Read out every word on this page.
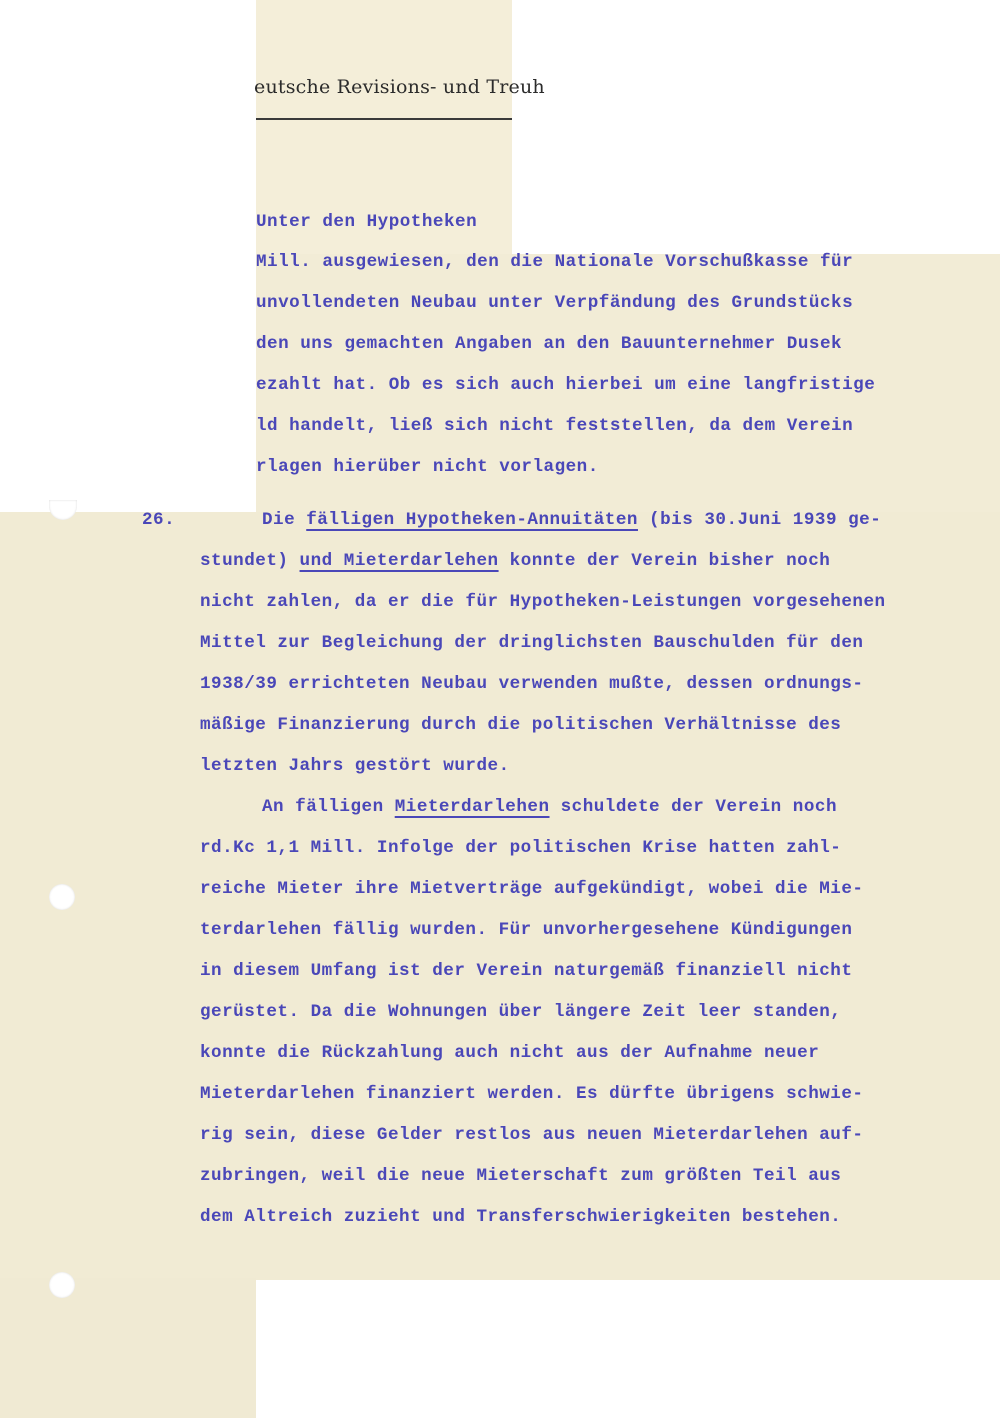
eutsche Revisions- und Treuh

Unter den Hypotheken

Mill. ausgewiesen, den die Nationale Vorschußkasse für

unvollendeten Neubau unter Verpfändung des Grundstücks

den uns gemachten Angaben an den Bauunternehmer Dusek

ezahlt hat. Ob es sich auch hierbei um eine langfristige

ld handelt, ließ sich nicht feststellen, da dem Verein

rlagen hierüber nicht vorlagen.

26.	Die fälligen Hypotheken-Annuitäten (bis 30.Juni 1939 ge-

stundet) und Mieterdarlehen konnte der Verein bisher noch

nicht zahlen, da er die für Hypotheken-Leistungen vorgesehenen

Mittel zur Begleichung der dringlichsten Bauschulden für den

1938/39 errichteten Neubau verwenden mußte, dessen ordnungs-

mäßige Finanzierung durch die politischen Verhältnisse des

letzten Jahrs gestört wurde.

An fälligen Mieterdarlehen schuldete der Verein noch

rd.Kc 1,1 Mill. Infolge der politischen Krise hatten zahl-

reiche Mieter ihre Mietverträge aufgekündigt, wobei die Mie-

terdarlehen fällig wurden. Für unvorhergesehene Kündigungen

in diesem Umfang ist der Verein naturgemäß finanziell nicht

gerüstet. Da die Wohnungen über längere Zeit leer standen,

konnte die Rückzahlung auch nicht aus der Aufnahme neuer

Mieterdarlehen finanziert werden. Es dürfte übrigens schwie-

rig sein, diese Gelder restlos aus neuen Mieterdarlehen auf-

zubringen, weil die neue Mieterschaft zum größten Teil aus

dem Altreich zuzieht und Transferschwierigkeiten bestehen.
